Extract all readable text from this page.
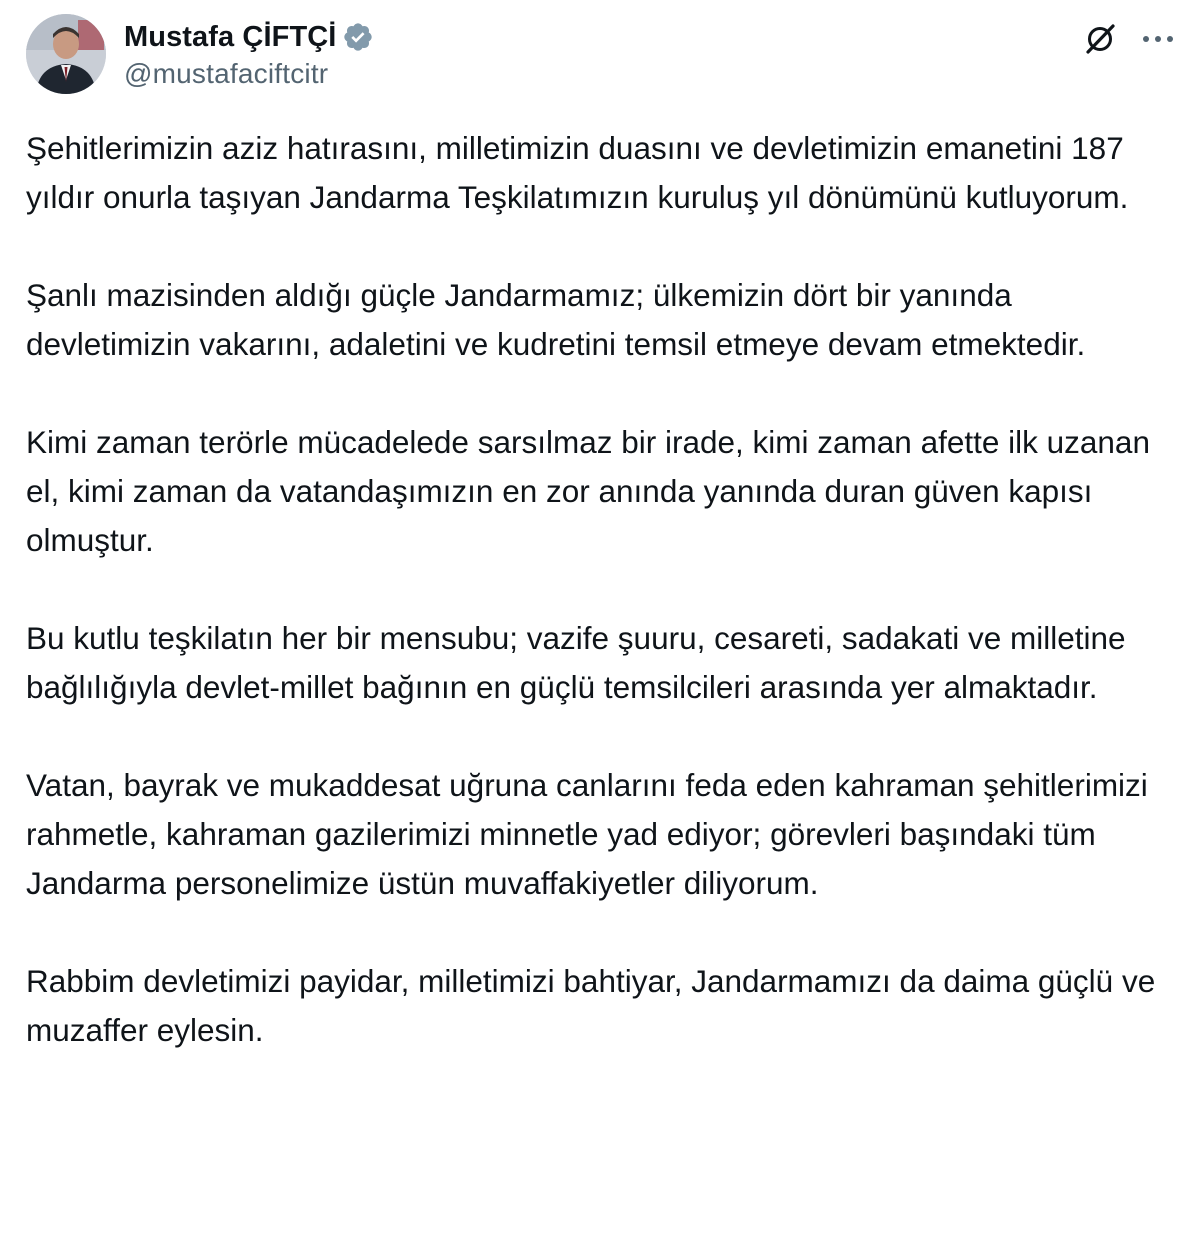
Mustafa ÇİFTÇİ
@mustafaciftcitr

Şehitlerimizin aziz hatırasını, milletimizin duasını ve devletimizin emanetini 187 yıldır onurla taşıyan Jandarma Teşkilatımızın kuruluş yıl dönümünü kutluyorum.

Şanlı mazisinden aldığı güçle Jandarmamız; ülkemizin dört bir yanında devletimizin vakarını, adaletini ve kudretini temsil etmeye devam etmektedir.

Kimi zaman terörle mücadelede sarsılmaz bir irade, kimi zaman afette ilk uzanan el, kimi zaman da vatandaşımızın en zor anında yanında duran güven kapısı olmuştur.

Bu kutlu teşkilatın her bir mensubu; vazife şuuru, cesareti, sadakati ve milletine bağlılığıyla devlet-millet bağının en güçlü temsilcileri arasında yer almaktadır.

Vatan, bayrak ve mukaddesat uğruna canlarını feda eden kahraman şehitlerimizi rahmetle, kahraman gazilerimizi minnetle yad ediyor; görevleri başındaki tüm Jandarma personelimize üstün muvaffakiyetler diliyorum.

Rabbim devletimizi payidar, milletimizi bahtiyar, Jandarmamızı da daima güçlü ve muzaffer eylesin.
